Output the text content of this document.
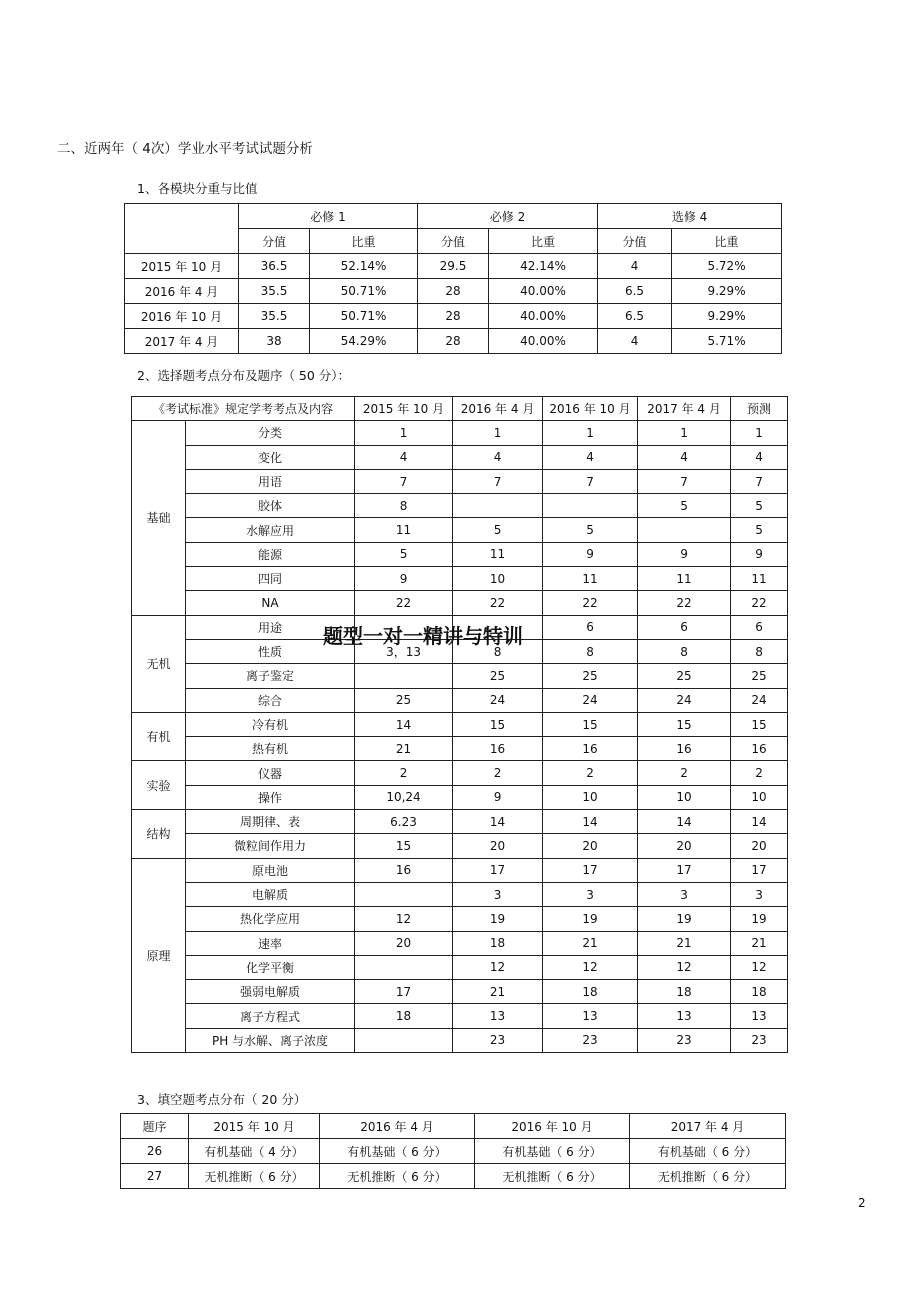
二、近两年（ 4次）学业水平考试试题分析
1、各模块分重与比值
	必修 1		必修 2		选修 4	
	分值	比重	分值	比重	分值	比重
2015 年 10 月	36.5	52.14%	29.5	42.14%	4	5.72%
2016 年 4 月	35.5	50.71%	28	40.00%	6.5	9.29%
2016 年 10 月	35.5	50.71%	28	40.00%	6.5	9.29%
2017 年 4 月	38	54.29%	28	40.00%	4	5.71%
2、选择题考点分布及题序（ 50 分）：
《考试标准》规定学考考点及内容		2015 年 10 月	2016 年 4 月	2016 年 10 月	2017 年 4 月	预测
基础	分类	1	1	1	1	1
	变化	4	4	4	4	4
	用语	7	7	7	7	7
	胶体	8			5	5
	水解应用	11	5	5		5
	能源	5	11	9	9	9
	四同	9	10	11	11	11
	NA	22	22	22	22	22
无机	用途			6	6	6
	性质	3，13	8	8	8	8
	离子鉴定		25	25	25	25
	综合	25	24	24	24	24
有机	冷有机	14	15	15	15	15
	热有机	21	16	16	16	16
实验	仪器	2	2	2	2	2
	操作	10,24	9	10	10	10
结构	周期律、表	6.23	14	14	14	14
	微粒间作用力	15	20	20	20	20
原理	原电池	16	17	17	17	17
	电解质		3	3	3	3
	热化学应用	12	19	19	19	19
	速率	20	18	21	21	21
	化学平衡		12	12	12	12
	强弱电解质	17	21	18	18	18
	离子方程式	18	13	13	13	13
	PH 与水解、离子浓度		23	23	23	23
题型一对一精讲与特训
3、填空题考点分布（ 20 分）
题序	2015 年 10 月	2016 年 4 月	2016 年 10 月	2017 年 4 月
26	有机基础（ 4 分）	有机基础（ 6 分）	有机基础（ 6 分）	有机基础（ 6 分）
27	无机推断（ 6 分）	无机推断（ 6 分）	无机推断（ 6 分）	无机推断（ 6 分）
2
